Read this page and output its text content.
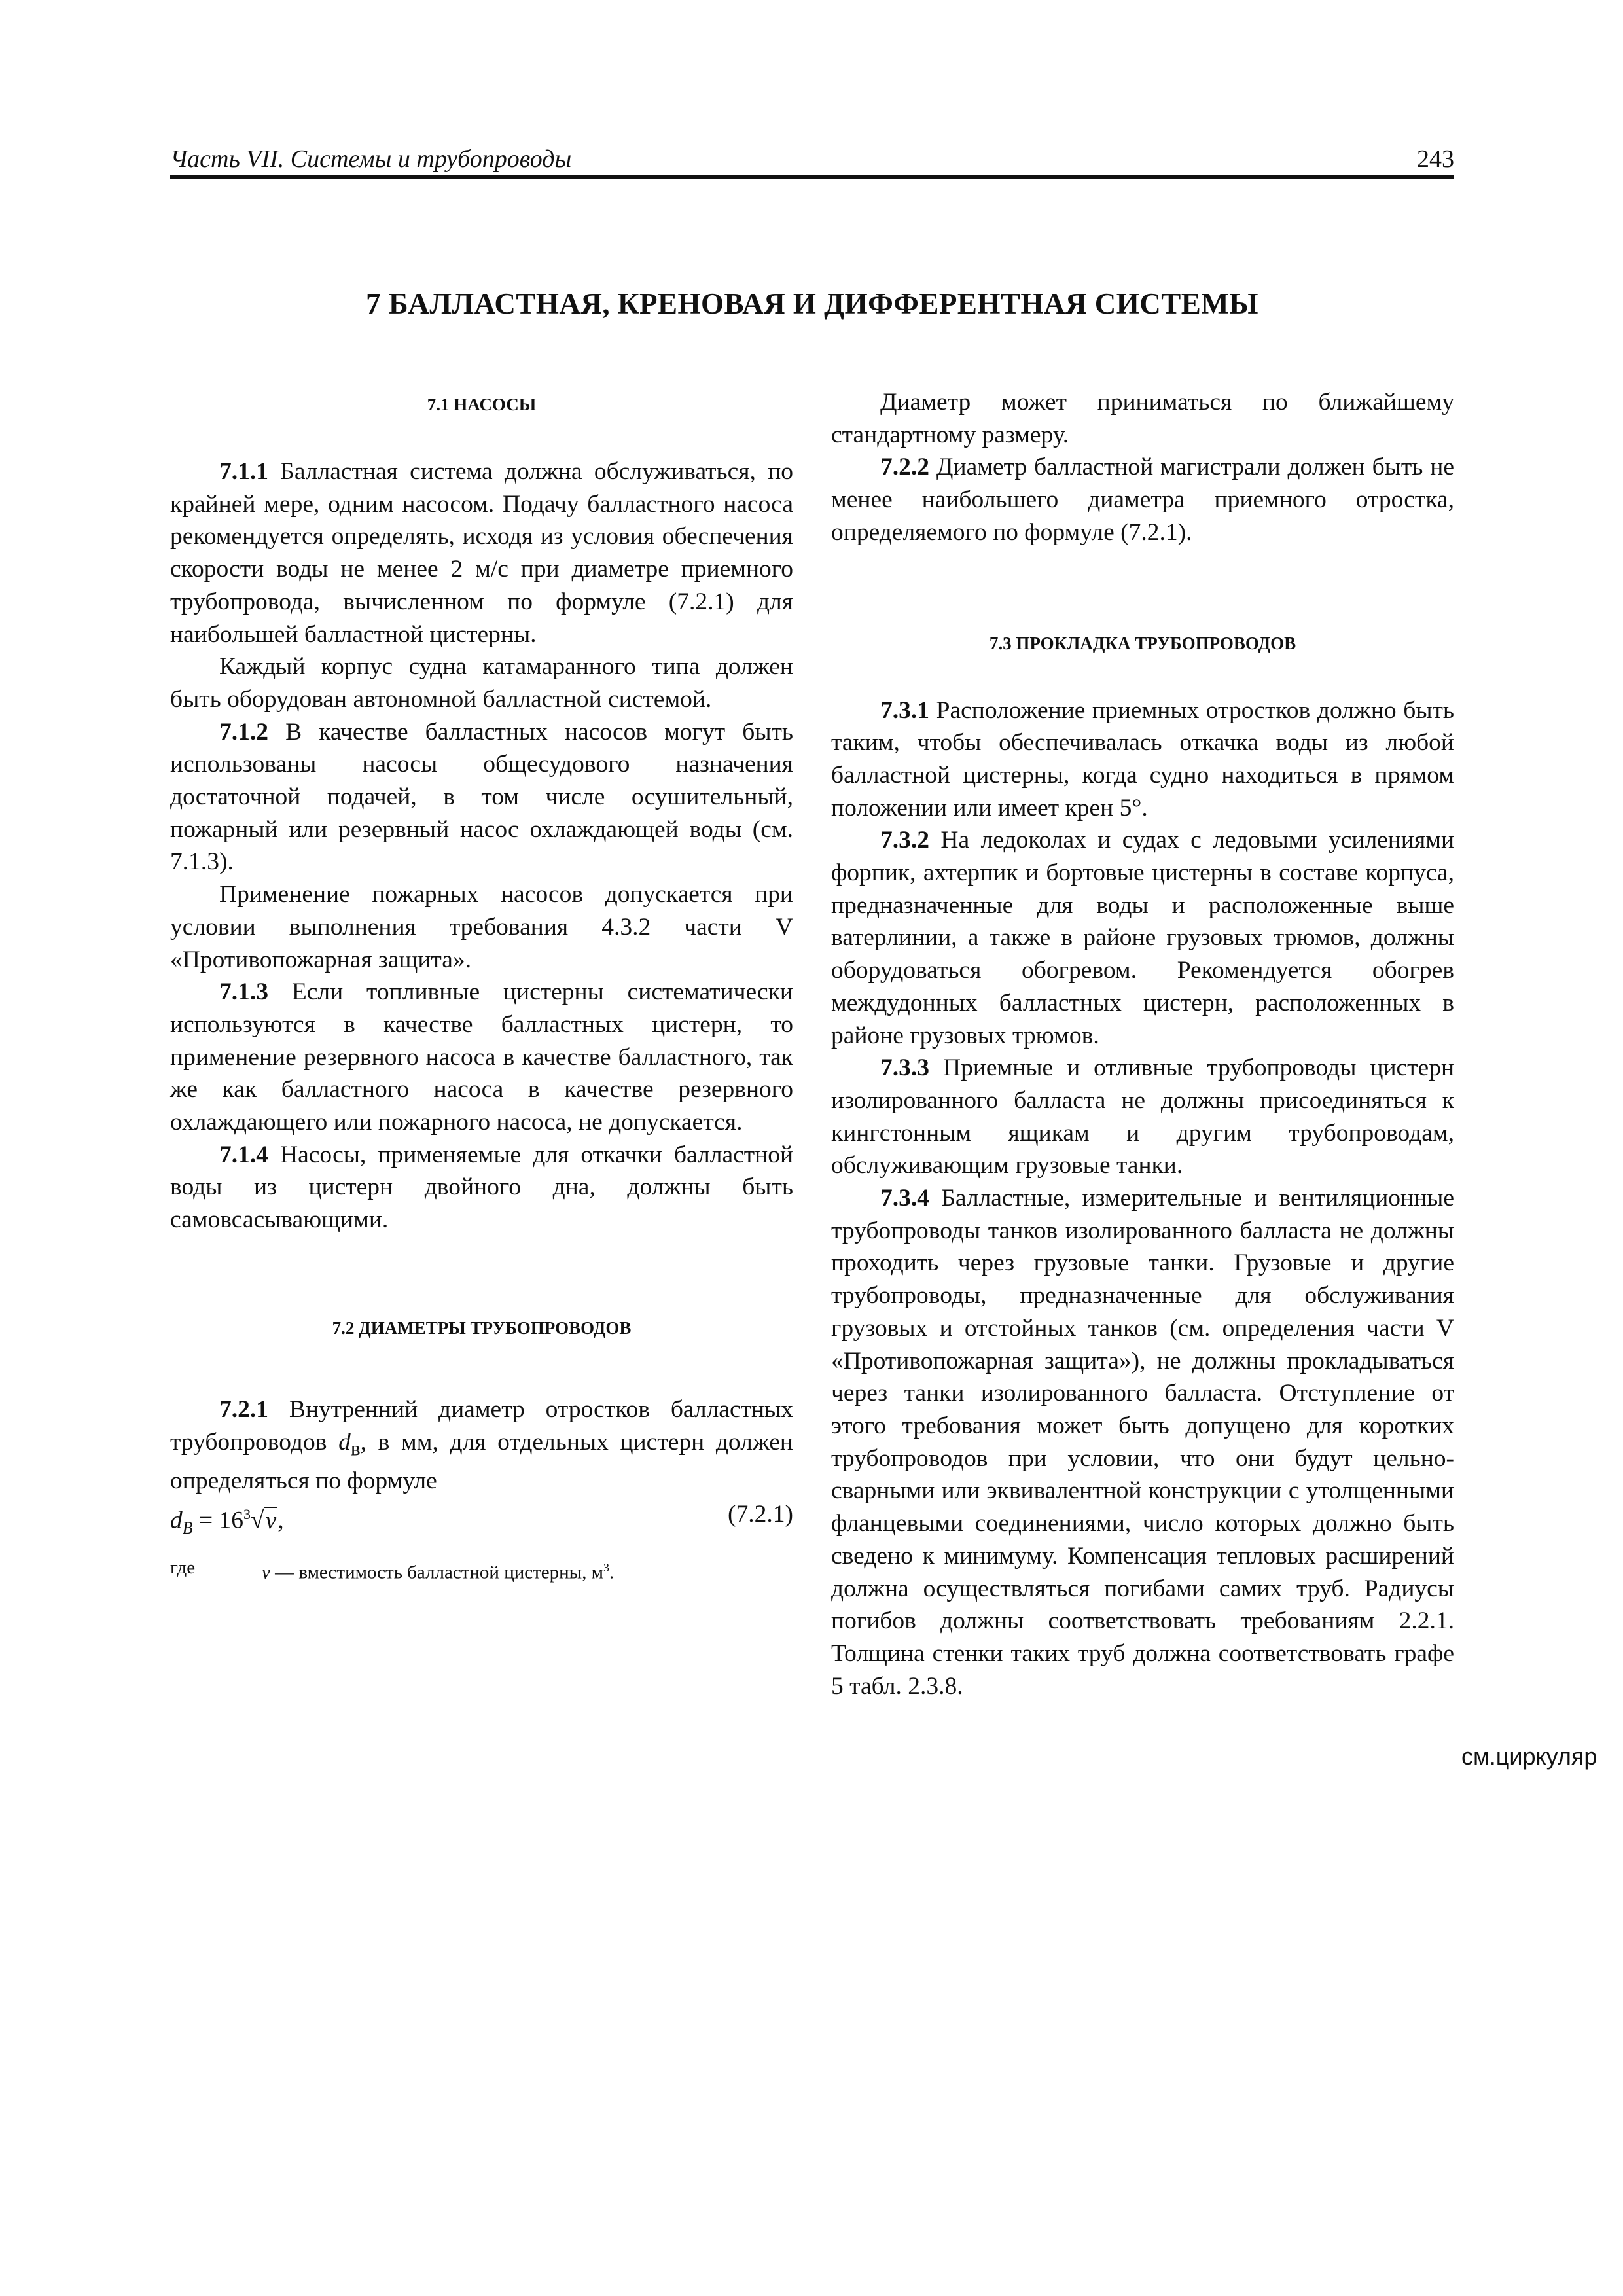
Часть VII. Системы и трубопроводы	243
7 БАЛЛАСТНАЯ, КРЕНОВАЯ И ДИФФЕРЕНТНАЯ СИСТЕМЫ
7.1 НАСОСЫ

7.1.1 Балластная система должна обслуживаться, по крайней мере, одним насосом. Подачу балластного насоса рекомендуется определять, исходя из условия обеспечения скорости воды не менее 2 м/с при диаметре приемного трубопровода, вычисленном по формуле (7.2.1) для наибольшей балластной цистерны.

Каждый корпус судна катамаранного типа должен быть оборудован автономной балластной системой.

7.1.2 В качестве балластных насосов могут быть использованы насосы общесудового назначения достаточной подачей, в том числе осушительный, пожарный или резервный насос охлаждающей воды (см. 7.1.3).

Применение пожарных насосов допускается при условии выполнения требования 4.3.2 части V «Противопожарная защита».

7.1.3 Если топливные цистерны систематически используются в качестве балластных цистерн, то применение резервного насоса в качестве балластного, так же как балластного насоса в качестве резервного охлаждающего или пожарного насоса, не допускается.

7.1.4 Насосы, применяемые для откачки балластной воды из цистерн двойного дна, должны быть самовсасывающими.

7.2 ДИАМЕТРЫ ТРУБОПРОВОДОВ

7.2.1 Внутренний диаметр отростков балластных трубопроводов $d_в$, в мм, для отдельных цистерн должен определяться по формуле

$d_B = 16^3√v$,	(7.2.1)
где	v — вместимость балластной цистерны, $м^3$.

Диаметр может приниматься по ближайшему стандартному размеру.

7.2.2 Диаметр балластной магистрали должен быть не менее наибольшего диаметра приемного отростка, определяемого по формуле (7.2.1).

7.3 ПРОКЛАДКА ТРУБОПРОВОДОВ

7.3.1 Расположение приемных отростков должно быть таким, чтобы обеспечивалась откачка воды из любой балластной цистерны, когда судно находиться в прямом положении или имеет крен 5°.

7.3.2 На ледоколах и судах с ледовыми усилениями форпик, ахтерпик и бортовые цистерны в составе корпуса, предназначенные для воды и расположенные выше ватерлинии, а также в районе грузовых трюмов, должны оборудоваться обогревом. Рекомендуется обогрев междудонных балластных цистерн, расположенных в районе грузовых трюмов.

7.3.3 Приемные и отливные трубопроводы цистерн изолированного балласта не должны присоединяться к кингстонным ящикам и другим трубопроводам, обслуживающим грузовые танки.

7.3.4 Балластные, измерительные и вентиляционные трубопроводы танков изолированного балласта не должны проходить через грузовые танки. Грузовые и другие трубопроводы, предназначенные для обслуживания грузовых и отстойных танков (см. определения части V «Противопожарная защита»), не должны прокладываться через танки изолированного балласта. Отступление от этого требования может быть допущено для коротких трубопроводов при условии, что они будут цельно-сварными или эквивалентной конструкции с утолщенными фланцевыми соединениями, число которых должно быть сведено к минимуму. Компенсация тепловых расширений должна осуществляться погибами самих труб. Радиусы погибов должны соответствовать требованиям 2.2.1. Толщина стенки таких труб должна соответствовать графе 5 табл. 2.3.8.

см.циркуляр
